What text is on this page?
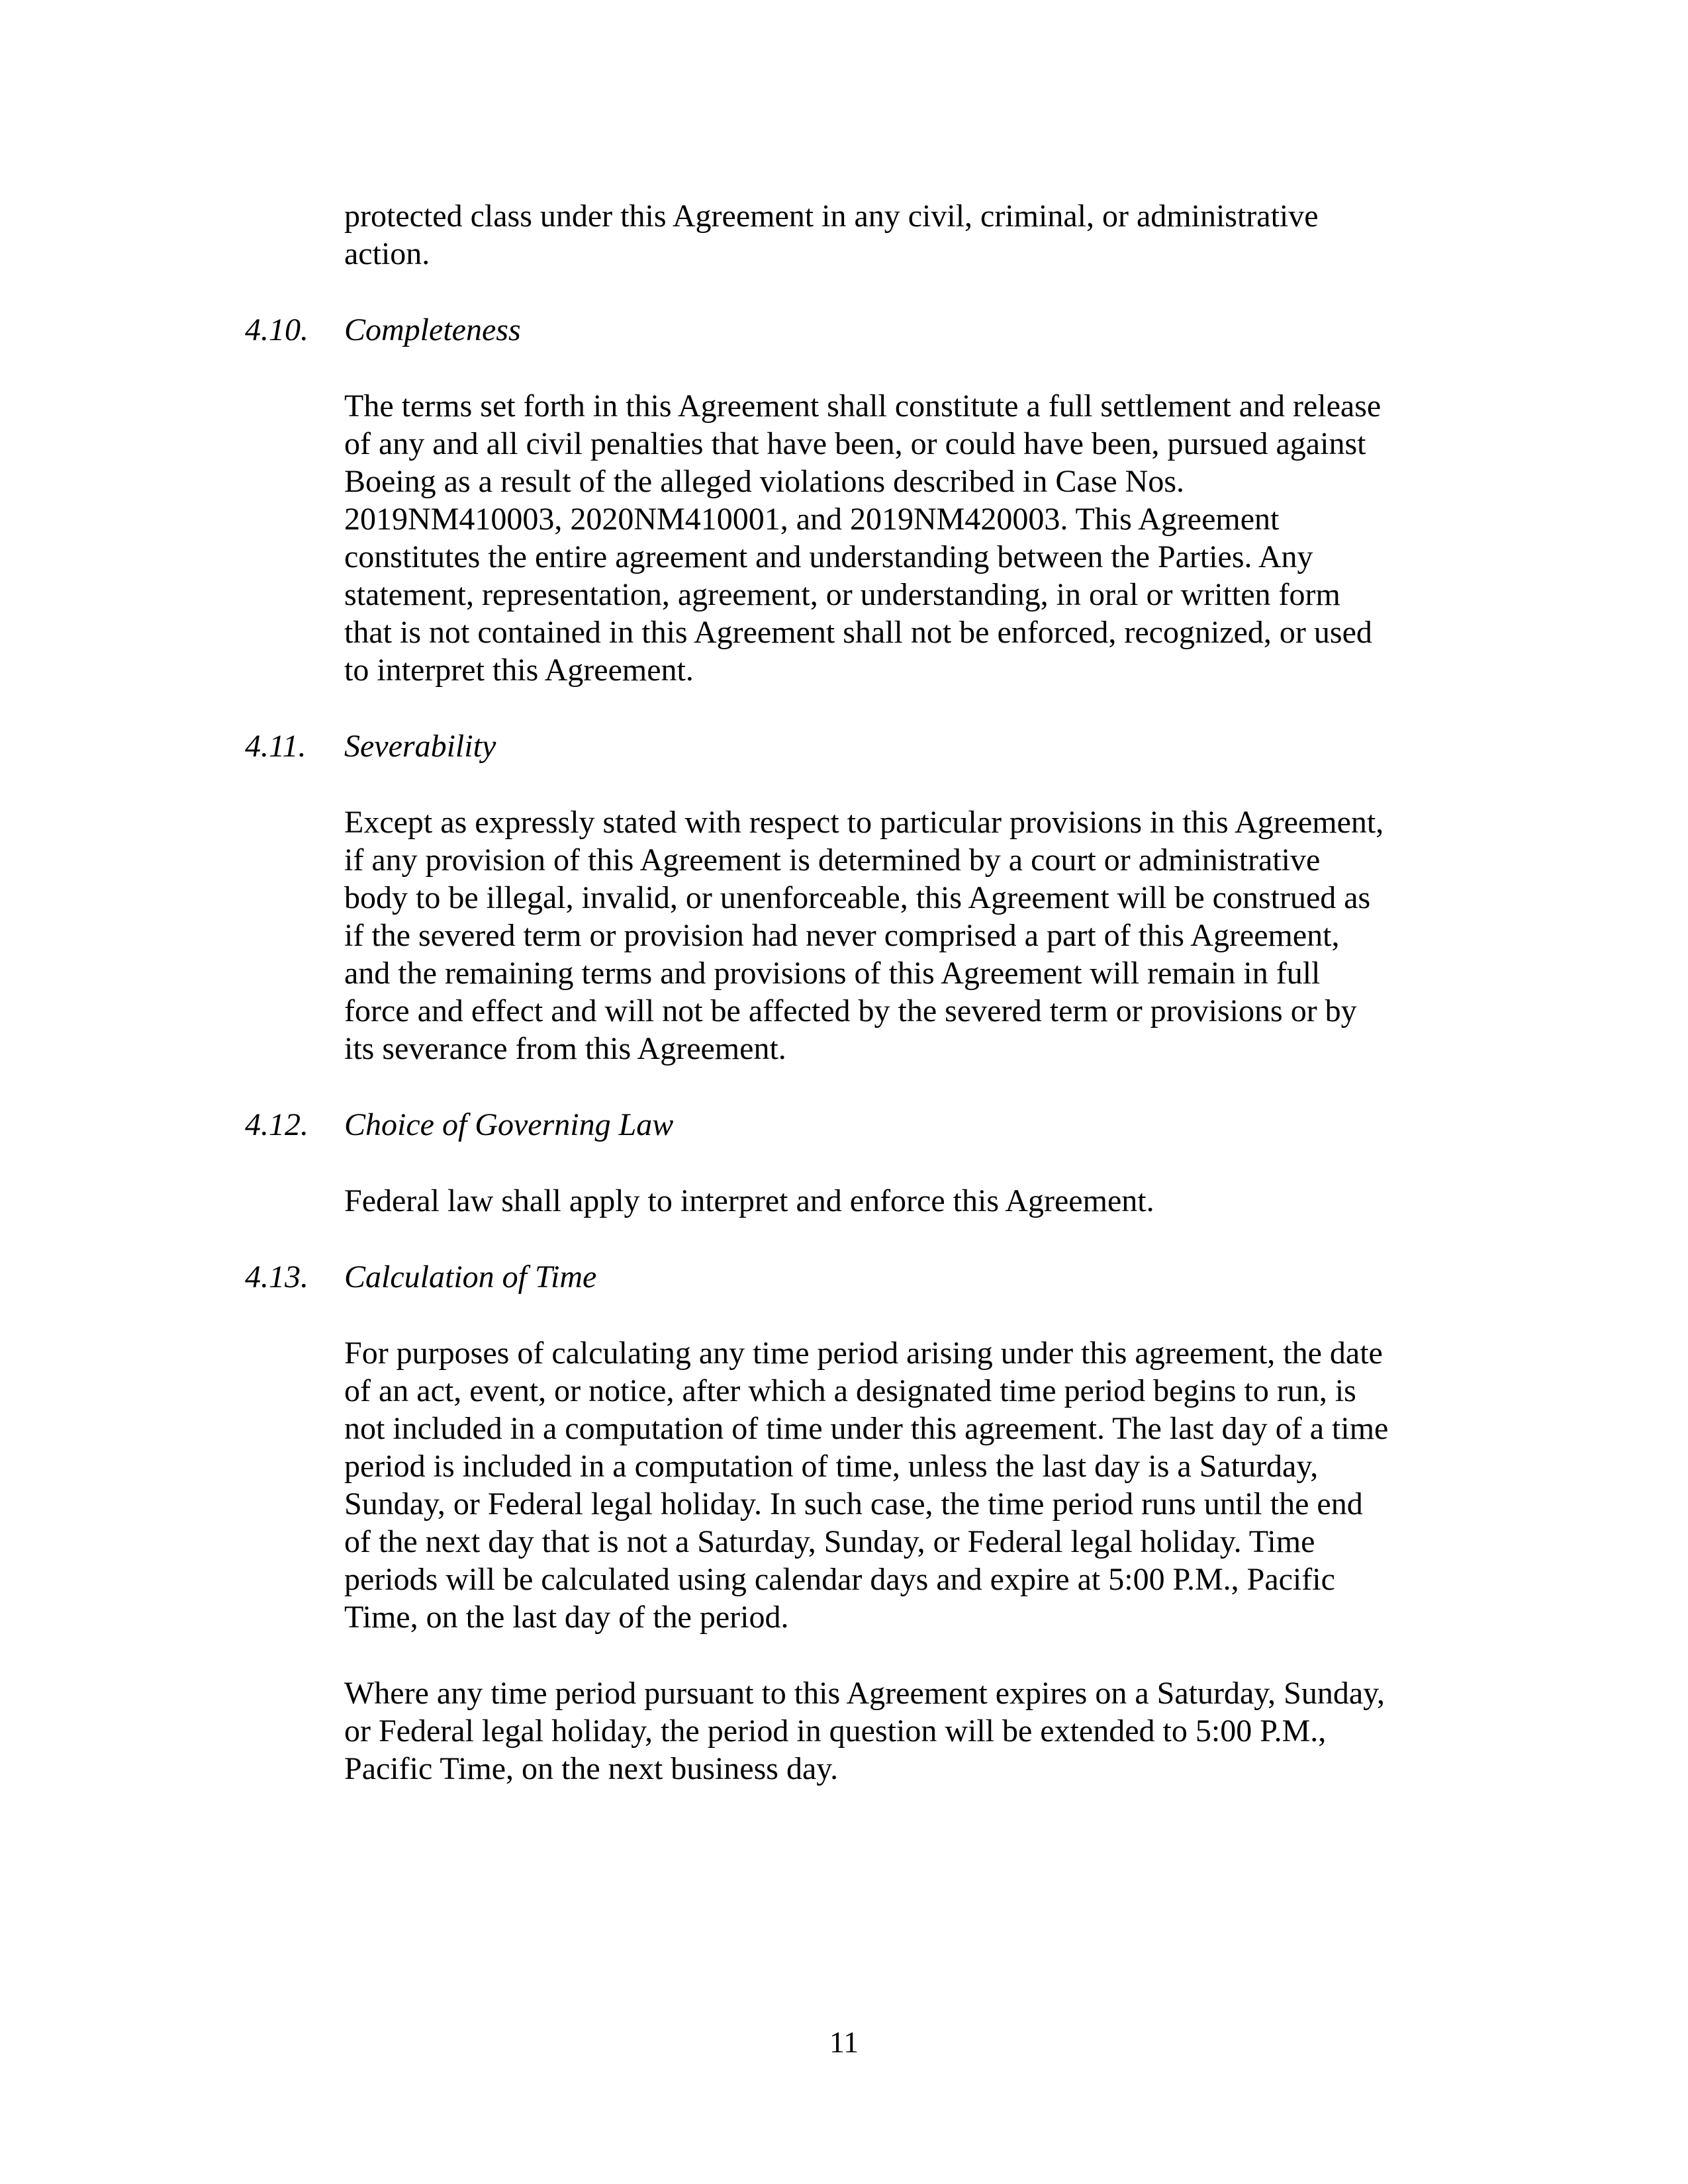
protected class under this Agreement in any civil, criminal, or administrative
action.
4.10. Completeness
The terms set forth in this Agreement shall constitute a full settlement and release
of any and all civil penalties that have been, or could have been, pursued against
Boeing as a result of the alleged violations described in Case Nos.
2019NM410003, 2020NM410001, and 2019NM420003. This Agreement
constitutes the entire agreement and understanding between the Parties. Any
statement, representation, agreement, or understanding, in oral or written form
that is not contained in this Agreement shall not be enforced, recognized, or used
to interpret this Agreement.
4.11. Severability
Except as expressly stated with respect to particular provisions in this Agreement,
if any provision of this Agreement is determined by a court or administrative
body to be illegal, invalid, or unenforceable, this Agreement will be construed as
if the severed term or provision had never comprised a part of this Agreement,
and the remaining terms and provisions of this Agreement will remain in full
force and effect and will not be affected by the severed term or provisions or by
its severance from this Agreement.
4.12. Choice of Governing Law
Federal law shall apply to interpret and enforce this Agreement.
4.13. Calculation of Time
For purposes of calculating any time period arising under this agreement, the date
of an act, event, or notice, after which a designated time period begins to run, is
not included in a computation of time under this agreement. The last day of a time
period is included in a computation of time, unless the last day is a Saturday,
Sunday, or Federal legal holiday. In such case, the time period runs until the end
of the next day that is not a Saturday, Sunday, or Federal legal holiday. Time
periods will be calculated using calendar days and expire at 5:00 P.M., Pacific
Time, on the last day of the period.
Where any time period pursuant to this Agreement expires on a Saturday, Sunday,
or Federal legal holiday, the period in question will be extended to 5:00 P.M.,
Pacific Time, on the next business day.
11
